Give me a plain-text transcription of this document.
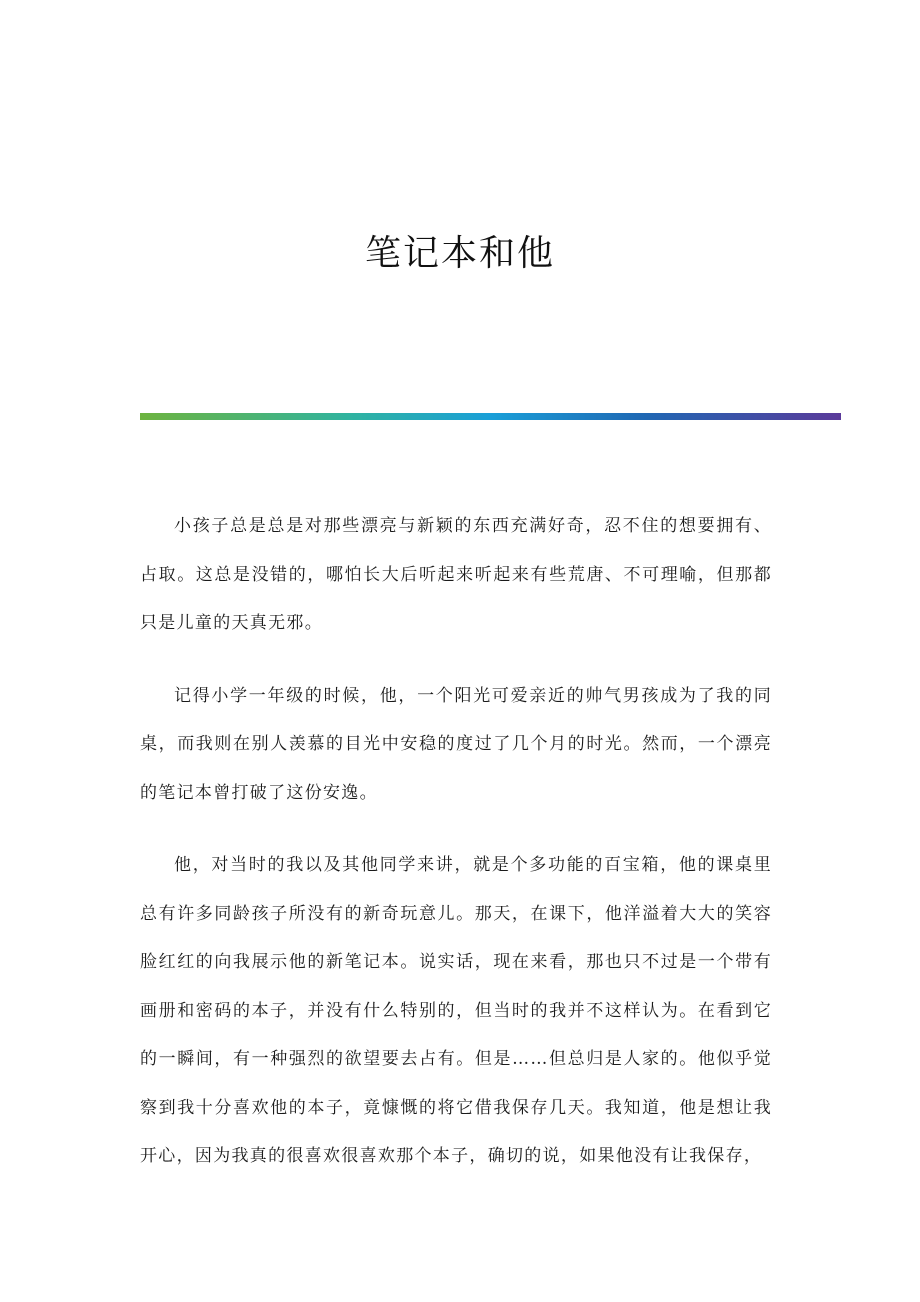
笔记本和他

小孩子总是总是对那些漂亮与新颖的东西充满好奇，忍不住的想要拥有、占取。这总是没错的，哪怕长大后听起来听起来有些荒唐、不可理喻，但那都只是儿童的天真无邪。

记得小学一年级的时候，他，一个阳光可爱亲近的帅气男孩成为了我的同桌，而我则在别人羡慕的目光中安稳的度过了几个月的时光。然而，一个漂亮的笔记本曾打破了这份安逸。

他，对当时的我以及其他同学来讲，就是个多功能的百宝箱，他的课桌里总有许多同龄孩子所没有的新奇玩意儿。那天，在课下，他洋溢着大大的笑容脸红红的向我展示他的新笔记本。说实话，现在来看，那也只不过是一个带有画册和密码的本子，并没有什么特别的，但当时的我并不这样认为。在看到它的一瞬间，有一种强烈的欲望要去占有。但是……但总归是人家的。他似乎觉察到我十分喜欢他的本子，竟慷慨的将它借我保存几天。我知道，他是想让我开心，因为我真的很喜欢很喜欢那个本子，确切的说，如果他没有让我保存，
